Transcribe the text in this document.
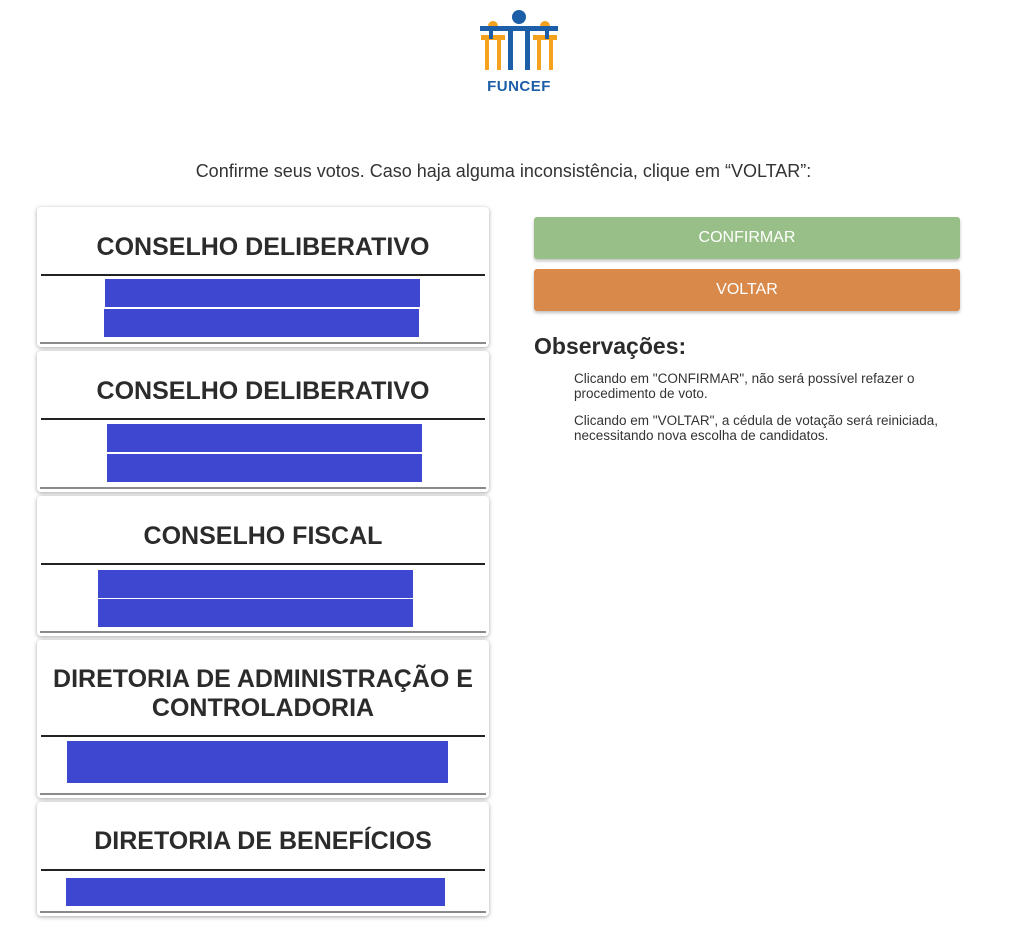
FUNCEF
Confirme seus votos. Caso haja alguma inconsistência, clique em “VOLTAR”:
CONSELHO DELIBERATIVO
CONSELHO DELIBERATIVO
CONSELHO FISCAL
DIRETORIA DE ADMINISTRAÇÃO E CONTROLADORIA
DIRETORIA DE BENEFÍCIOS
CONFIRMAR
VOLTAR
Observações:

Clicando em "CONFIRMAR", não será possível refazer o procedimento de voto.

Clicando em "VOLTAR", a cédula de votação será reiniciada, necessitando nova escolha de candidatos.
